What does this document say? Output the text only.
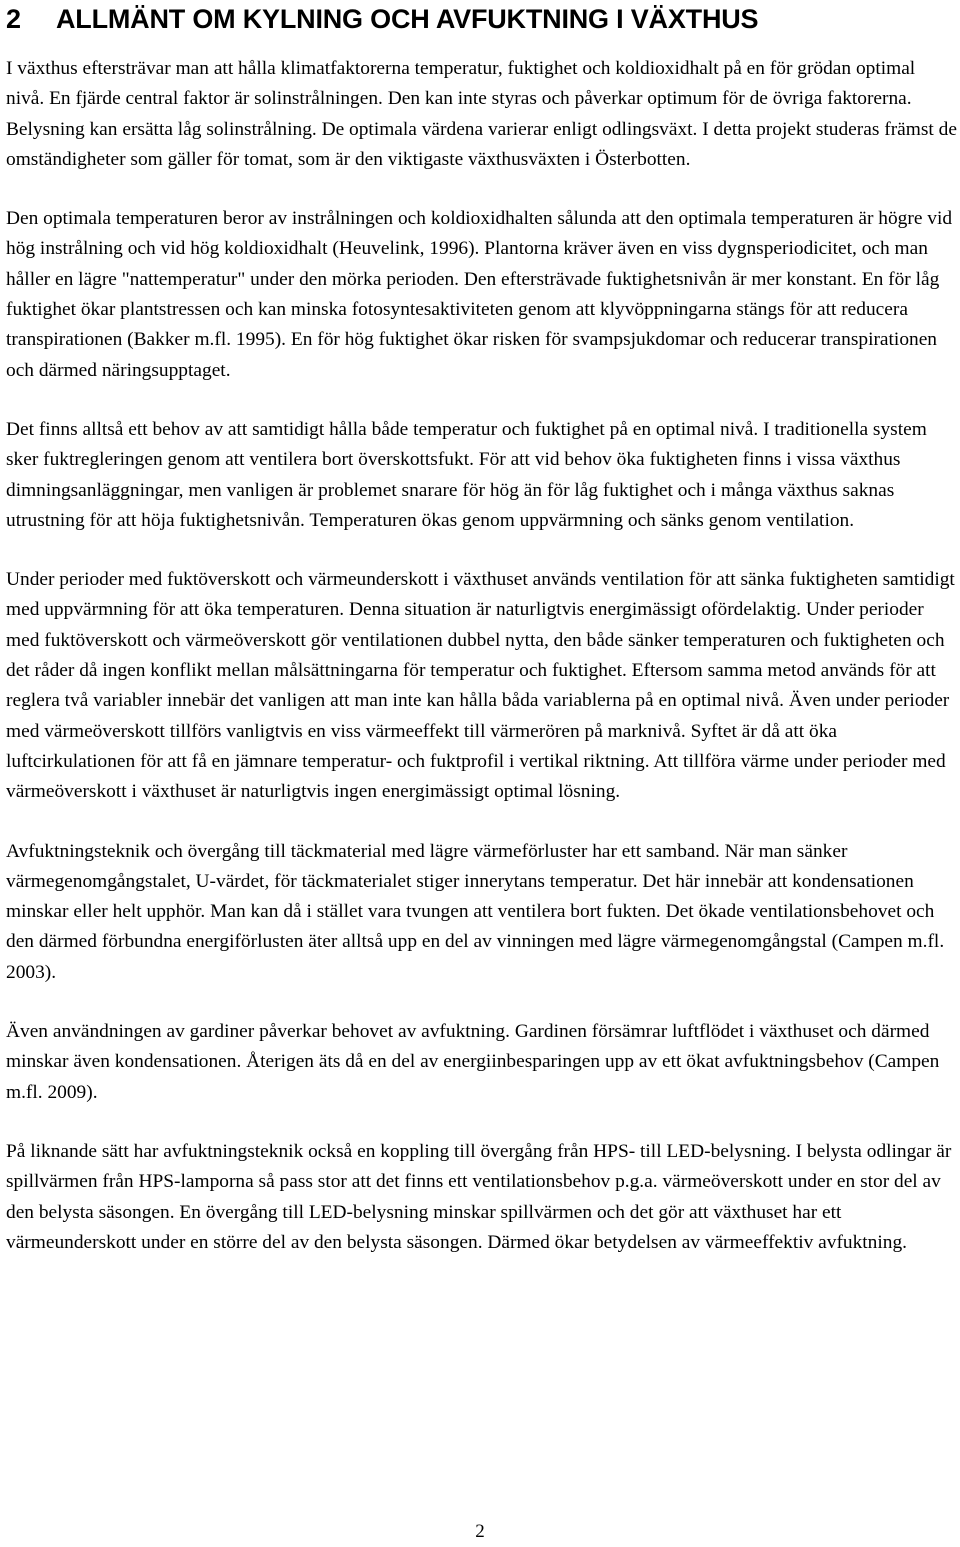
2 ALLMÄNT OM KYLNING OCH AVFUKTNING I VÄXTHUS

I växthus eftersträvar man att hålla klimatfaktorerna temperatur, fuktighet och koldioxidhalt på en för grödan optimal nivå. En fjärde central faktor är solinstrålningen. Den kan inte styras och påverkar optimum för de övriga faktorerna. Belysning kan ersätta låg solinstrålning. De optimala värdena varierar enligt odlingsväxt. I detta projekt studeras främst de omständigheter som gäller för tomat, som är den viktigaste växthusväxten i Österbotten.

Den optimala temperaturen beror av instrålningen och koldioxidhalten sålunda att den optimala temperaturen är högre vid hög instrålning och vid hög koldioxidhalt (Heuvelink, 1996). Plantorna kräver även en viss dygnsperiodicitet, och man håller en lägre "nattemperatur" under den mörka perioden. Den eftersträvade fuktighetsnivån är mer konstant. En för låg fuktighet ökar plantstressen och kan minska fotosyntesaktiviteten genom att klyvöppningarna stängs för att reducera transpirationen (Bakker m.fl. 1995). En för hög fuktighet ökar risken för svampsjukdomar och reducerar transpirationen och därmed näringsupptaget.

Det finns alltså ett behov av att samtidigt hålla både temperatur och fuktighet på en optimal nivå. I traditionella system sker fuktregleringen genom att ventilera bort överskottsfukt. För att vid behov öka fuktigheten finns i vissa växthus dimningsanläggningar, men vanligen är problemet snarare för hög än för låg fuktighet och i många växthus saknas utrustning för att höja fuktighetsnivån. Temperaturen ökas genom uppvärmning och sänks genom ventilation.

Under perioder med fuktöverskott och värmeunderskott i växthuset används ventilation för att sänka fuktigheten samtidigt med uppvärmning för att öka temperaturen. Denna situation är naturligtvis energimässigt ofördelaktig. Under perioder med fuktöverskott och värmeöverskott gör ventilationen dubbel nytta, den både sänker temperaturen och fuktigheten och det råder då ingen konflikt mellan målsättningarna för temperatur och fuktighet. Eftersom samma metod används för att reglera två variabler innebär det vanligen att man inte kan hålla båda variablerna på en optimal nivå. Även under perioder med värmeöverskott tillförs vanligtvis en viss värmeeffekt till värmerören på marknivå. Syftet är då att öka luftcirkulationen för att få en jämnare temperatur- och fuktprofil i vertikal riktning. Att tillföra värme under perioder med värmeöverskott i växthuset är naturligtvis ingen energimässigt optimal lösning.

Avfuktningsteknik och övergång till täckmaterial med lägre värmeförluster har ett samband. När man sänker värmegenomgångstalet, U-värdet, för täckmaterialet stiger innerytans temperatur. Det här innebär att kondensationen minskar eller helt upphör. Man kan då i stället vara tvungen att ventilera bort fukten. Det ökade ventilationsbehovet och den därmed förbundna energiförlusten äter alltså upp en del av vinningen med lägre värmegenomgångstal (Campen m.fl. 2003).

Även användningen av gardiner påverkar behovet av avfuktning. Gardinen försämrar luftflödet i växthuset och därmed minskar även kondensationen. Återigen äts då en del av energiinbesparingen upp av ett ökat avfuktningsbehov (Campen m.fl. 2009).

På liknande sätt har avfuktningsteknik också en koppling till övergång från HPS- till LED-belysning. I belysta odlingar är spillvärmen från HPS-lamporna så pass stor att det finns ett ventilationsbehov p.g.a. värmeöverskott under en stor del av den belysta säsongen. En övergång till LED-belysning minskar spillvärmen och det gör att växthuset har ett värmeunderskott under en större del av den belysta säsongen. Därmed ökar betydelsen av värmeeffektiv avfuktning.

2
